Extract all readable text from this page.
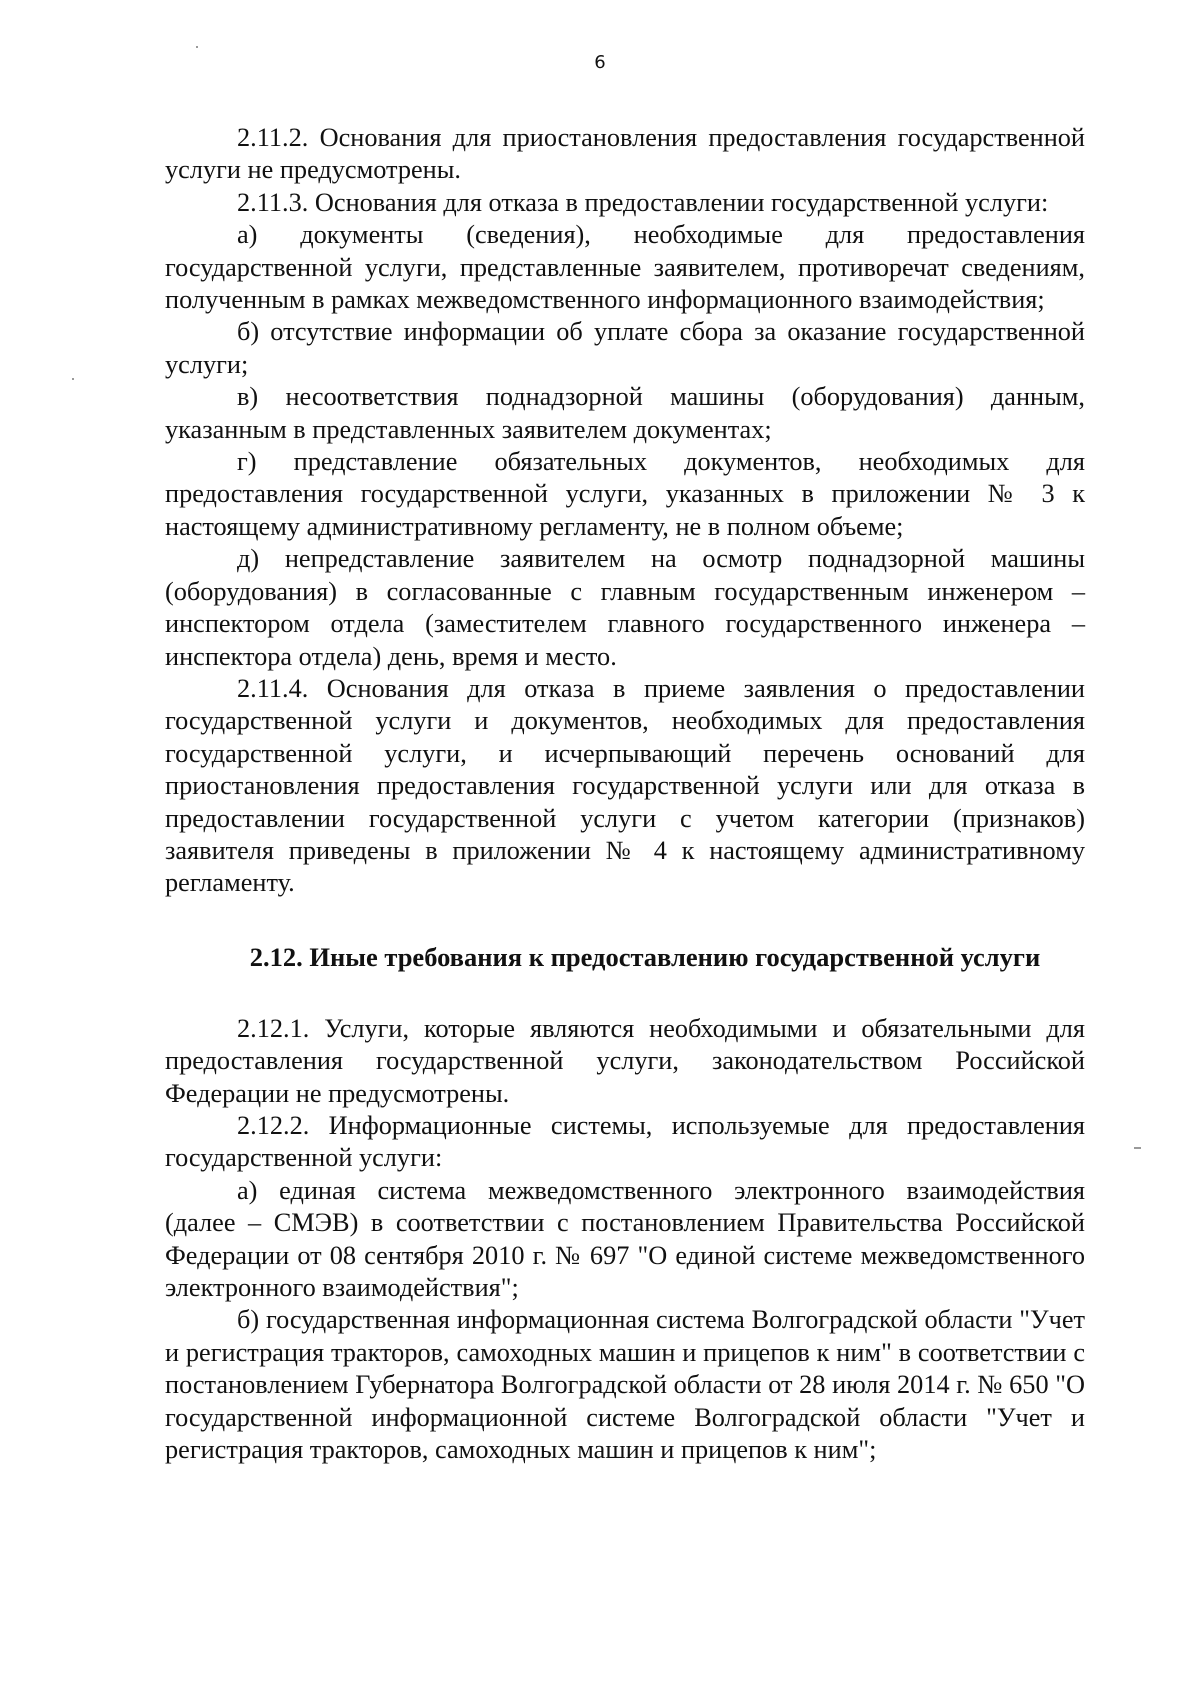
6

2.11.2. Основания для приостановления предоставления государственной услуги не предусмотрены.

2.11.3. Основания для отказа в предоставлении государственной услуги:

а) документы (сведения), необходимые для предоставления государственной услуги, представленные заявителем, противоречат сведениям, полученным в рамках межведомственного информационного взаимодействия;

б) отсутствие информации об уплате сбора за оказание государственной услуги;

в) несоответствия поднадзорной машины (оборудования) данным, указанным в представленных заявителем документах;

г) представление обязательных документов, необходимых для предоставления государственной услуги, указанных в приложении № 3 к настоящему административному регламенту, не в полном объеме;

д) непредставление заявителем на осмотр поднадзорной машины (оборудования) в согласованные с главным государственным инженером – инспектором отдела (заместителем главного государственного инженера – инспектора отдела) день, время и место.

2.11.4. Основания для отказа в приеме заявления о предоставлении государственной услуги и документов, необходимых для предоставления государственной услуги, и исчерпывающий перечень оснований для приостановления предоставления государственной услуги или для отказа в предоставлении государственной услуги с учетом категории (признаков) заявителя приведены в приложении № 4 к настоящему административному регламенту.

2.12. Иные требования к предоставлению государственной услуги

2.12.1. Услуги, которые являются необходимыми и обязательными для предоставления государственной услуги, законодательством Российской Федерации не предусмотрены.

2.12.2. Информационные системы, используемые для предоставления государственной услуги:

а) единая система межведомственного электронного взаимодействия (далее – СМЭВ) в соответствии с постановлением Правительства Российской Федерации от 08 сентября 2010 г. № 697 "О единой системе межведомственного электронного взаимодействия";

б) государственная информационная система Волгоградской области "Учет и регистрация тракторов, самоходных машин и прицепов к ним" в соответствии с постановлением Губернатора Волгоградской области от 28 июля 2014 г. № 650 "О государственной информационной системе Волгоградской области "Учет и регистрация тракторов, самоходных машин и прицепов к ним";
